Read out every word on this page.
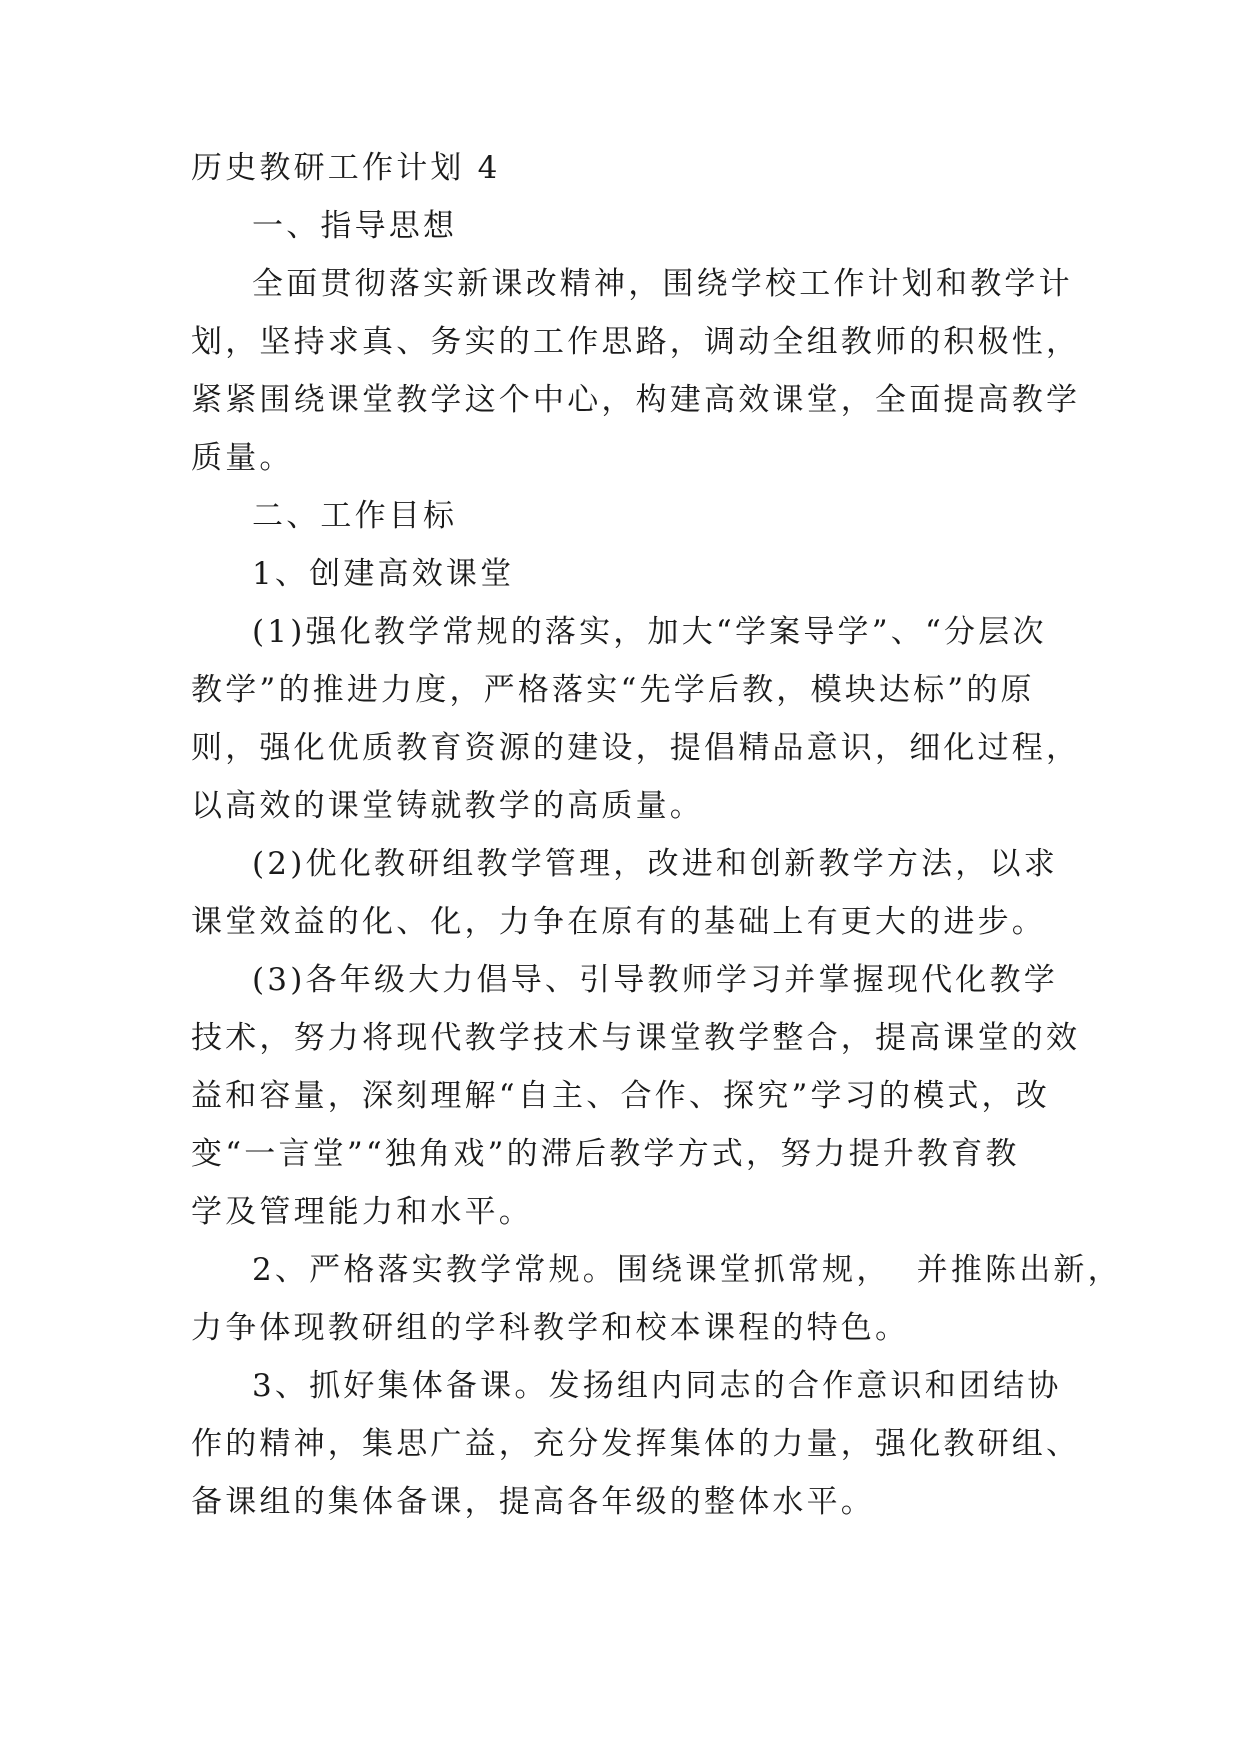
历史教研工作计划 4
一、指导思想
全面贯彻落实新课改精神，围绕学校工作计划和教学计
划，坚持求真、务实的工作思路，调动全组教师的积极性，
紧紧围绕课堂教学这个中心，构建高效课堂，全面提高教学
质量。
二、工作目标
1、创建高效课堂
(1)强化教学常规的落实，加大“学案导学”、“分层次
教学”的推进力度，严格落实“先学后教，模块达标”的原
则，强化优质教育资源的建设，提倡精品意识，细化过程，
以高效的课堂铸就教学的高质量。
(2)优化教研组教学管理，改进和创新教学方法，以求
课堂效益的化、化，力争在原有的基础上有更大的进步。
(3)各年级大力倡导、引导教师学习并掌握现代化教学
技术，努力将现代教学技术与课堂教学整合，提高课堂的效
益和容量，深刻理解“自主、合作、探究”学习的模式，改
变“一言堂”“独角戏”的滞后教学方式，努力提升教育教
学及管理能力和水平。
2、严格落实教学常规。围绕课堂抓常规，  并推陈出新，
力争体现教研组的学科教学和校本课程的特色。
3、抓好集体备课。发扬组内同志的合作意识和团结协
作的精神，集思广益，充分发挥集体的力量，强化教研组、
备课组的集体备课，提高各年级的整体水平。
